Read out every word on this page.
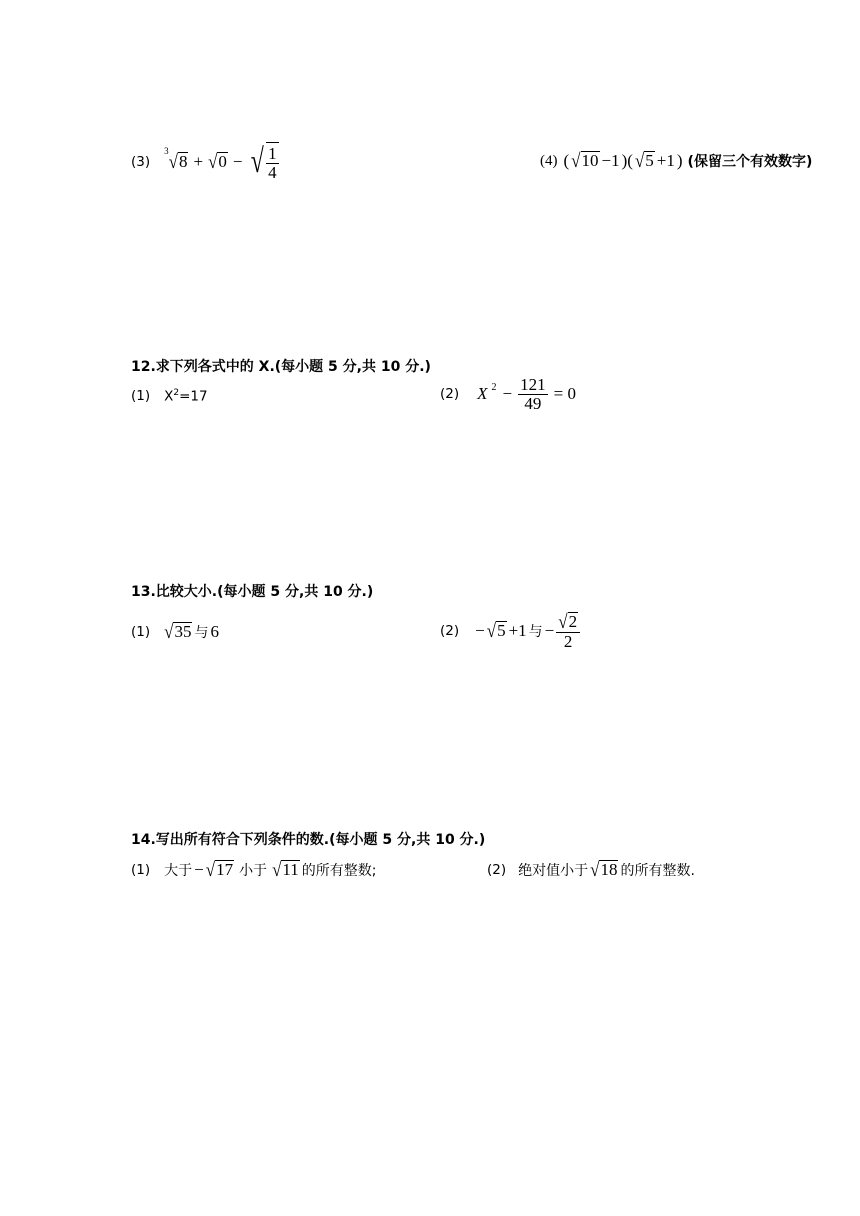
(3)
$^3$√8 + √0 − √ $\frac{1}{4}$	(4) ( √10 −1 )( √5 +1 ) (保留三个有效数字)
12.求下列各式中的 X.(每小题 5 分,共 10 分.)
(1) $X^2=17$	(2) X $^2 - \frac{121}{49} = 0$
13.比较大小.(每小题 5 分,共 10 分.)
(1) √35 与 6	(2) − √5 +1 与 − $\frac{√2}{2}$
14.写出所有符合下列条件的数.(每小题 5 分,共 10 分.)
(1) 大于 − √17 小于 √11 的所有整数;	(2) 绝对值小于 √18 的所有整数.
